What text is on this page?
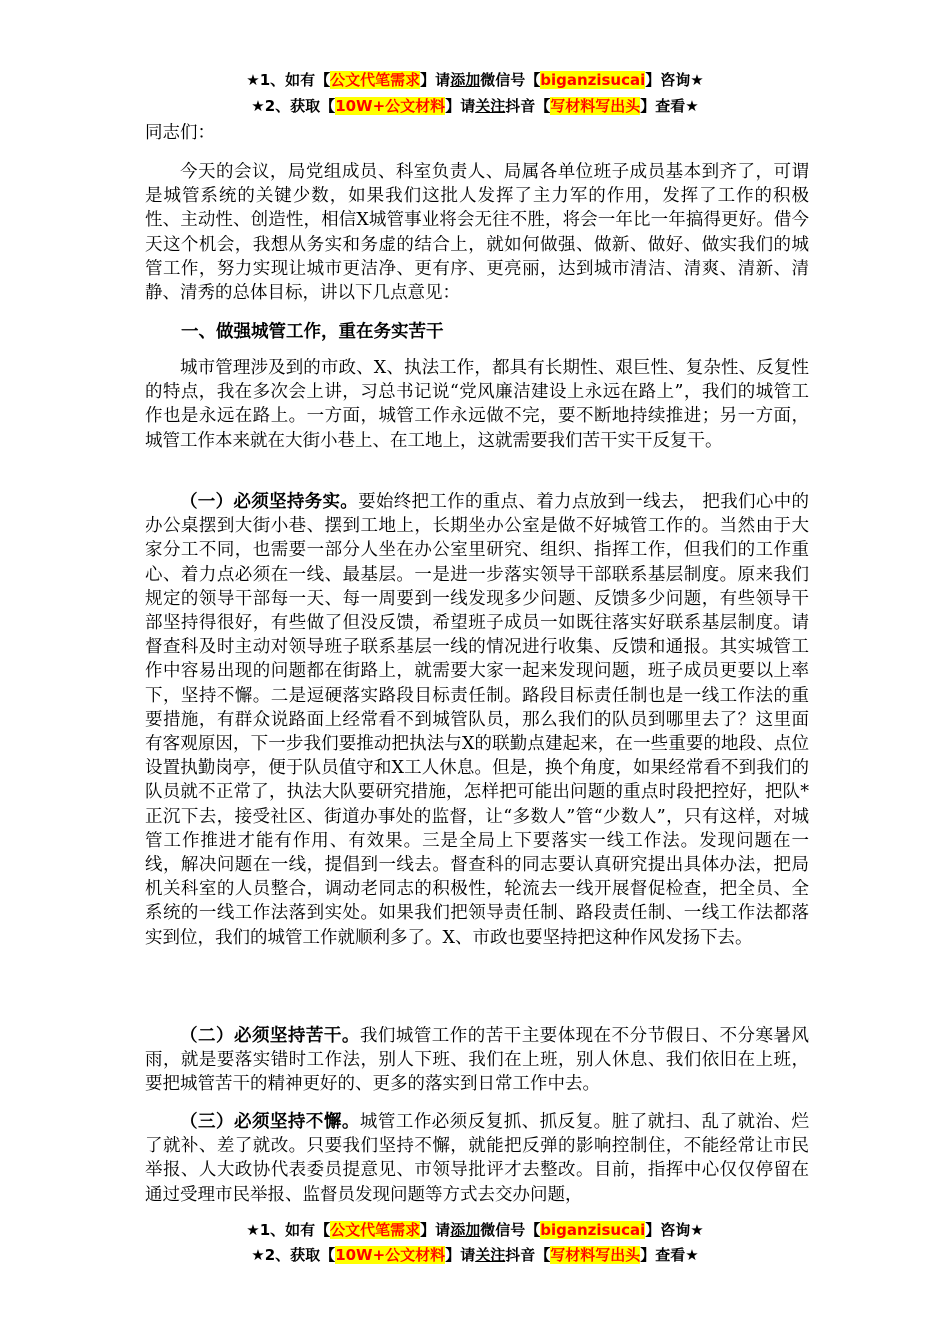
★1、如有【公文代笔需求】请添加微信号【biganzisucai】咨询★
★2、获取【10W+公文材料】请关注抖音【写材料写出头】查看★
同志们：

今天的会议，局党组成员、科室负责人、局属各单位班子成员基本到齐了，可谓是城管系统的关键少数，如果我们这批人发挥了主力军的作用，发挥了工作的积极性、主动性、创造性，相信X城管事业将会无往不胜，将会一年比一年搞得更好。借今天这个机会，我想从务实和务虚的结合上，就如何做强、做新、做好、做实我们的城管工作，努力实现让城市更洁净、更有序、更亮丽，达到城市清洁、清爽、清新、清静、清秀的总体目标，讲以下几点意见：

一、做强城管工作，重在务实苦干

城市管理涉及到的市政、X、执法工作，都具有长期性、艰巨性、复杂性、反复性的特点，我在多次会上讲，习总书记说“党风廉洁建设上永远在路上”，我们的城管工作也是永远在路上。一方面，城管工作永远做不完，要不断地持续推进；另一方面，城管工作本来就在大街小巷上、在工地上，这就需要我们苦干实干反复干。

（一）必须坚持务实。要始终把工作的重点、着力点放到一线去， 把我们心中的办公桌摆到大街小巷、摆到工地上，长期坐办公室是做不好城管工作的。当然由于大家分工不同，也需要一部分人坐在办公室里研究、组织、指挥工作，但我们的工作重心、着力点必须在一线、最基层。一是进一步落实领导干部联系基层制度。原来我们规定的领导干部每一天、每一周要到一线发现多少问题、反馈多少问题，有些领导干部坚持得很好，有些做了但没反馈，希望班子成员一如既往落实好联系基层制度。请督查科及时主动对领导班子联系基层一线的情况进行收集、反馈和通报。其实城管工作中容易出现的问题都在街路上，就需要大家一起来发现问题，班子成员更要以上率下，坚持不懈。二是逗硬落实路段目标责任制。路段目标责任制也是一线工作法的重要措施，有群众说路面上经常看不到城管队员，那么我们的队员到哪里去了？这里面有客观原因，下一步我们要推动把执法与X的联勤点建起来，在一些重要的地段、点位设置执勤岗亭，便于队员值守和X工人休息。但是，换个角度，如果经常看不到我们的队员就不正常了，执法大队要研究措施，怎样把可能出问题的重点时段把控好，把队*正沉下去，接受社区、街道办事处的监督，让“多数人”管“少数人”，只有这样，对城管工作推进才能有作用、有效果。三是全局上下要落实一线工作法。发现问题在一线，解决问题在一线，提倡到一线去。督查科的同志要认真研究提出具体办法，把局机关科室的人员整合，调动老同志的积极性，轮流去一线开展督促检查，把全员、全系统的一线工作法落到实处。如果我们把领导责任制、路段责任制、一线工作法都落实到位，我们的城管工作就顺利多了。X、市政也要坚持把这种作风发扬下去。

（二）必须坚持苦干。我们城管工作的苦干主要体现在不分节假日、不分寒暑风雨，就是要落实错时工作法，别人下班、我们在上班，别人休息、我们依旧在上班，要把城管苦干的精神更好的、更多的落实到日常工作中去。

（三）必须坚持不懈。城管工作必须反复抓、抓反复。脏了就扫、乱了就治、烂了就补、差了就改。只要我们坚持不懈，就能把反弹的影响控制住，不能经常让市民举报、人大政协代表委员提意见、市领导批评才去整改。目前，指挥中心仅仅停留在通过受理市民举报、监督员发现问题等方式去交办问题，

★1、如有【公文代笔需求】请添加微信号【biganzisucai】咨询★
★2、获取【10W+公文材料】请关注抖音【写材料写出头】查看★
